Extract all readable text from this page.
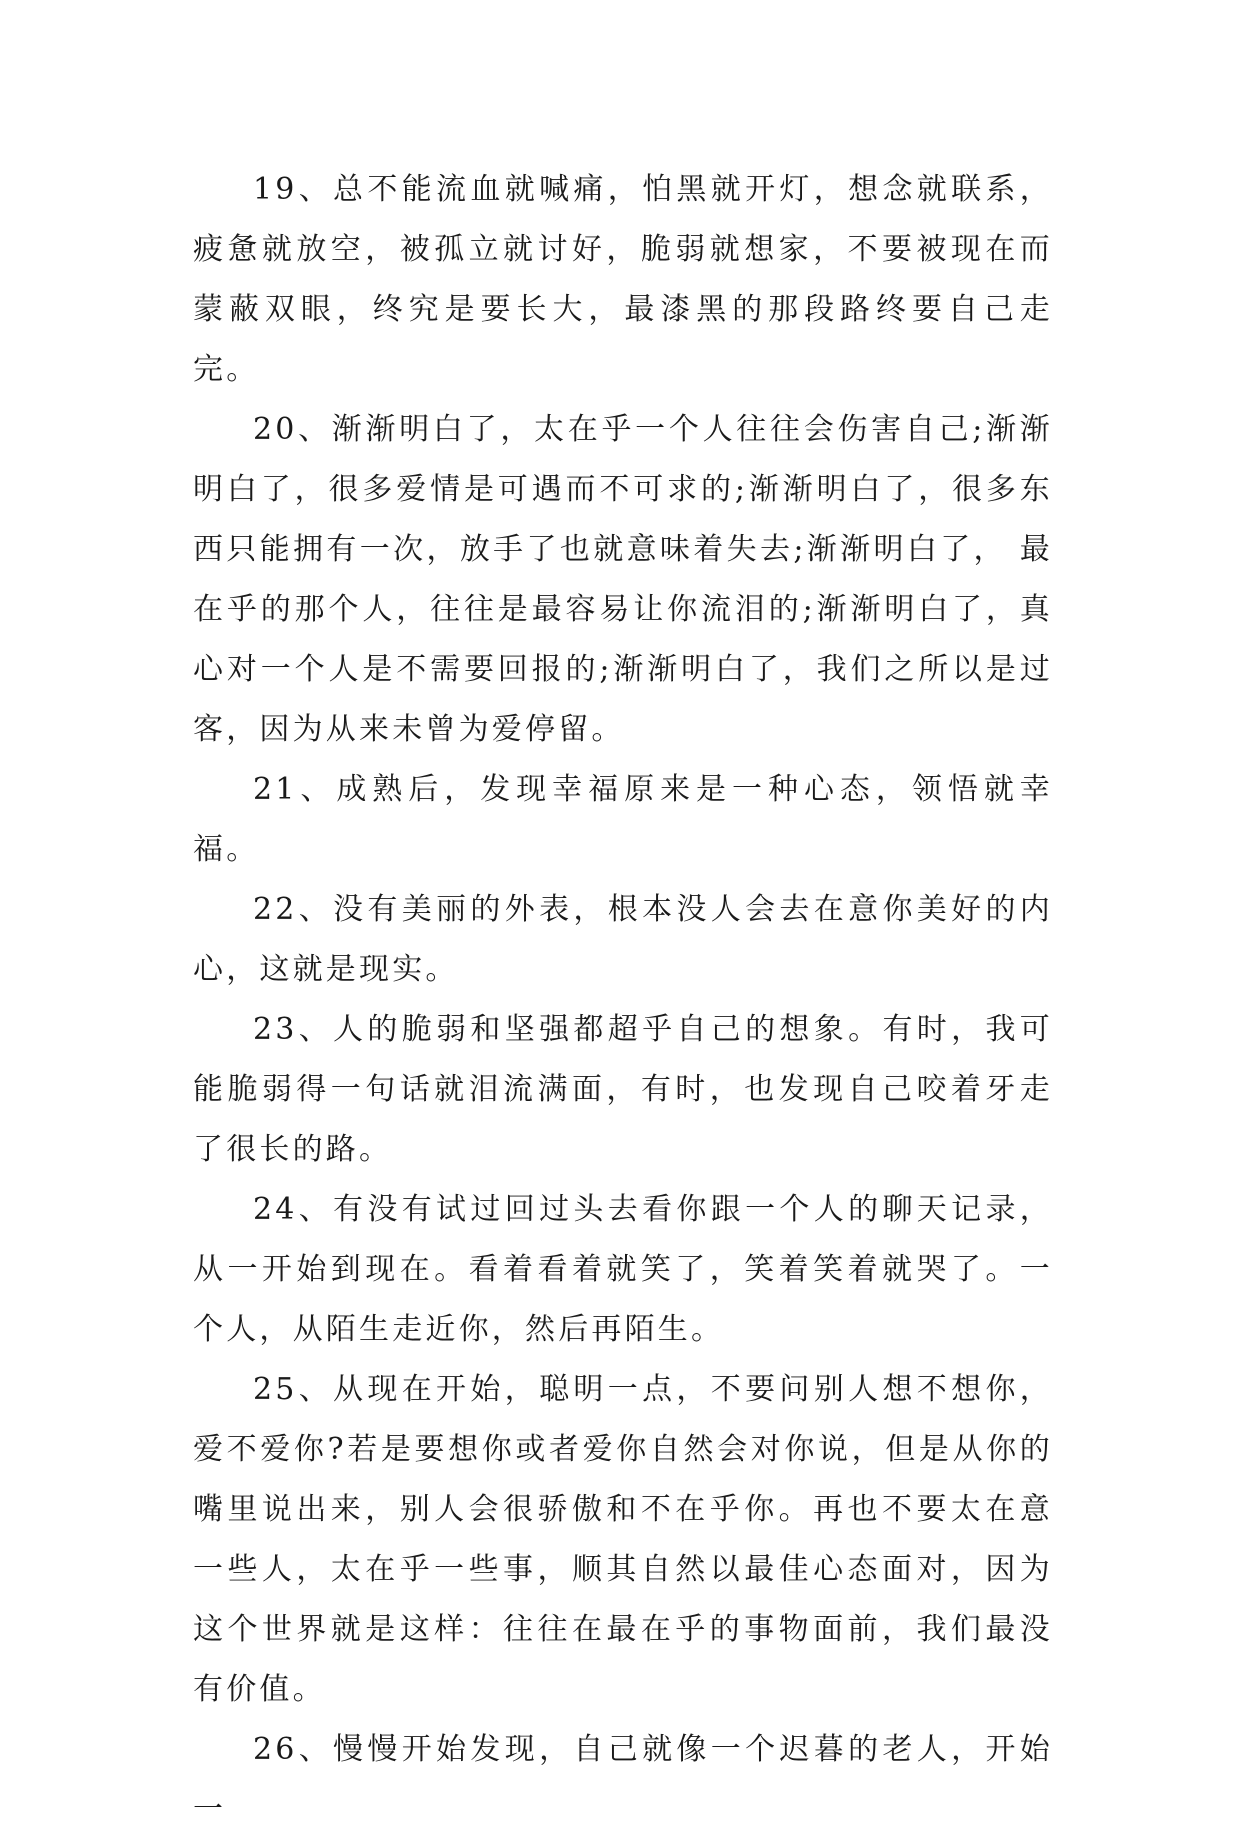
19、总不能流血就喊痛，怕黑就开灯，想念就联系，疲惫就放空，被孤立就讨好，脆弱就想家，不要被现在而蒙蔽双眼，终究是要长大，最漆黑的那段路终要自己走完。

20、渐渐明白了，太在乎一个人往往会伤害自己;渐渐明白了，很多爱情是可遇而不可求的;渐渐明白了，很多东西只能拥有一次，放手了也就意味着失去;渐渐明白了， 最在乎的那个人，往往是最容易让你流泪的;渐渐明白了，真心对一个人是不需要回报的;渐渐明白了，我们之所以是过客，因为从来未曾为爱停留。

21、成熟后，发现幸福原来是一种心态，领悟就幸福。

22、没有美丽的外表，根本没人会去在意你美好的内心，这就是现实。

23、人的脆弱和坚强都超乎自己的想象。有时，我可能脆弱得一句话就泪流满面，有时，也发现自己咬着牙走了很长的路。

24、有没有试过回过头去看你跟一个人的聊天记录，从一开始到现在。看着看着就笑了，笑着笑着就哭了。一个人，从陌生走近你，然后再陌生。

25、从现在开始，聪明一点，不要问别人想不想你，爱不爱你?若是要想你或者爱你自然会对你说，但是从你的嘴里说出来，别人会很骄傲和不在乎你。再也不要太在意一些人，太在乎一些事，顺其自然以最佳心态面对，因为这个世界就是这样：往往在最在乎的事物面前，我们最没有价值。

26、慢慢开始发现，自己就像一个迟暮的老人，开始一
